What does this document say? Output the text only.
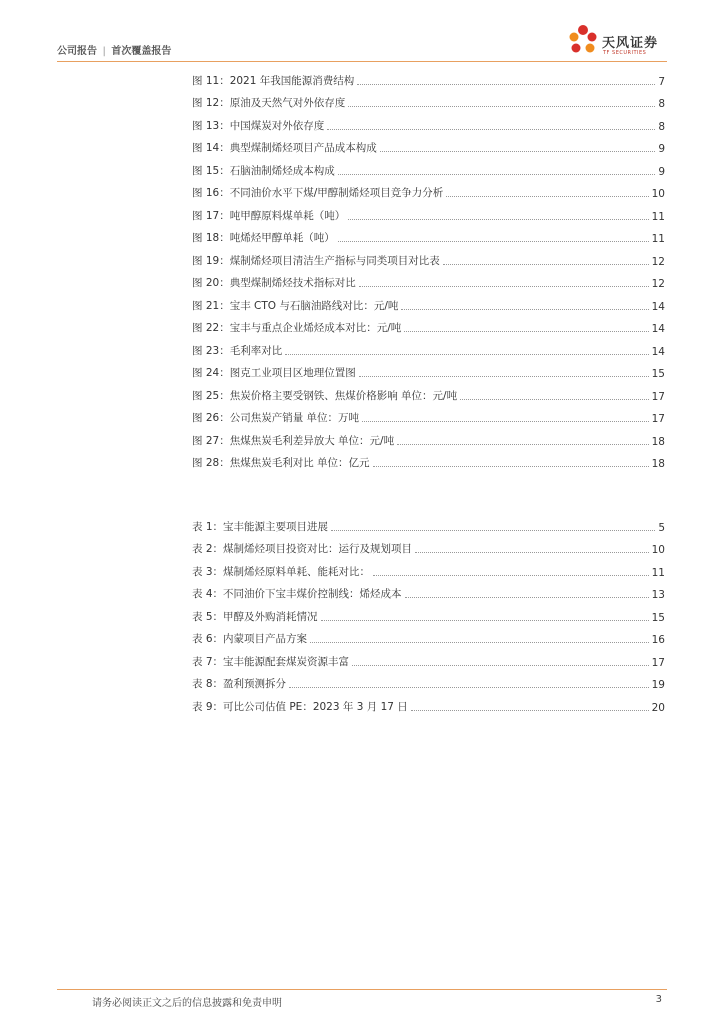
公司报告 | 首次覆盖报告
天风证券
TF SECURITIES
图 11：2021 年我国能源消费结构	7
图 12：原油及天然气对外依存度	8
图 13：中国煤炭对外依存度	8
图 14：典型煤制烯烃项目产品成本构成	9
图 15：石脑油制烯烃成本构成	9
图 16：不同油价水平下煤/甲醇制烯烃项目竞争力分析	10
图 17：吨甲醇原料煤单耗（吨）	11
图 18：吨烯烃甲醇单耗（吨）	11
图 19：煤制烯烃项目清洁生产指标与同类项目对比表	12
图 20：典型煤制烯烃技术指标对比	12
图 21：宝丰 CTO 与石脑油路线对比：元/吨	14
图 22：宝丰与重点企业烯烃成本对比：元/吨	14
图 23：毛利率对比	14
图 24：图克工业项目区地理位置图	15
图 25：焦炭价格主要受钢铁、焦煤价格影响 单位：元/吨	17
图 26：公司焦炭产销量 单位：万吨	17
图 27：焦煤焦炭毛利差异放大 单位：元/吨	18
图 28：焦煤焦炭毛利对比 单位：亿元	18
表 1：宝丰能源主要项目进展	5
表 2：煤制烯烃项目投资对比：运行及规划项目	10
表 3：煤制烯烃原料单耗、能耗对比：	11
表 4：不同油价下宝丰煤价控制线：烯烃成本	13
表 5：甲醇及外购消耗情况	15
表 6：内蒙项目产品方案	16
表 7：宝丰能源配套煤炭资源丰富	17
表 8：盈利预测拆分	19
表 9：可比公司估值 PE：2023 年 3 月 17 日	20
请务必阅读正文之后的信息披露和免责申明	3
